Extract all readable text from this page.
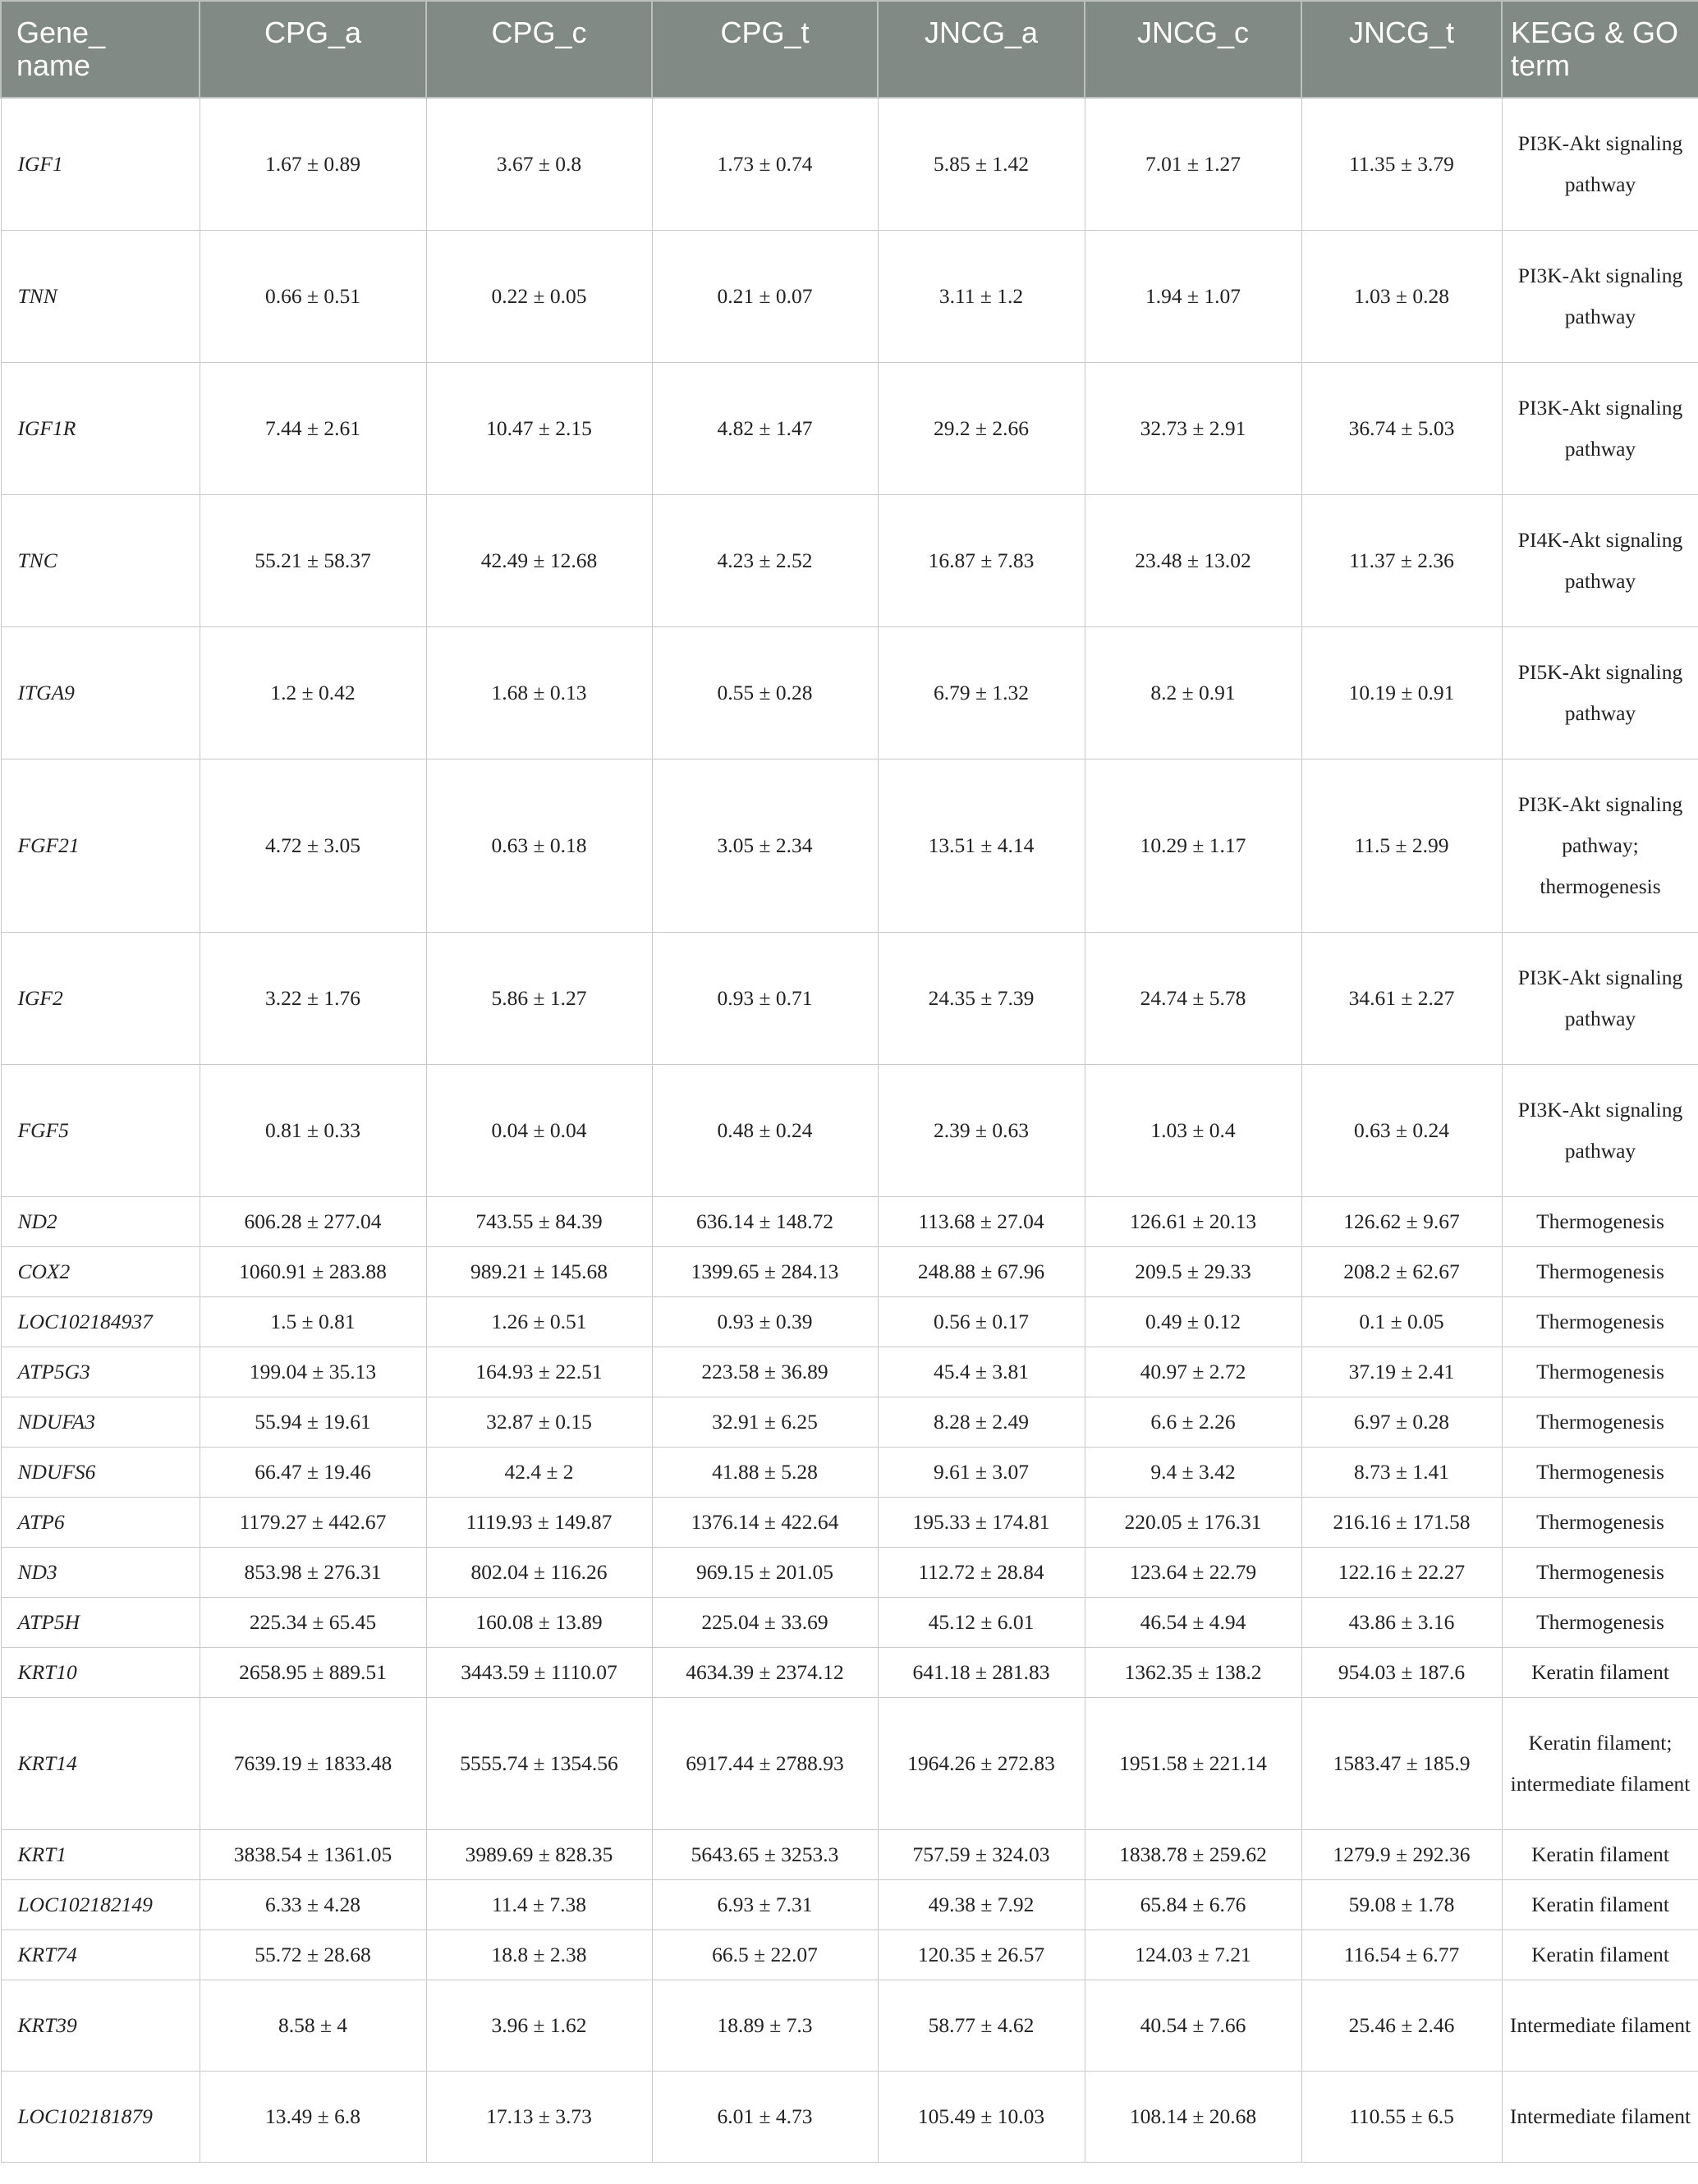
Gene_ name	CPG_a	CPG_c	CPG_t	JNCG_a	JNCG_c	JNCG_t	KEGG & GO term
IGF1	1.67 ± 0.89	3.67 ± 0.8	1.73 ± 0.74	5.85 ± 1.42	7.01 ± 1.27	11.35 ± 3.79	PI3K-Akt signaling pathway
TNN	0.66 ± 0.51	0.22 ± 0.05	0.21 ± 0.07	3.11 ± 1.2	1.94 ± 1.07	1.03 ± 0.28	PI3K-Akt signaling pathway
IGF1R	7.44 ± 2.61	10.47 ± 2.15	4.82 ± 1.47	29.2 ± 2.66	32.73 ± 2.91	36.74 ± 5.03	PI3K-Akt signaling pathway
TNC	55.21 ± 58.37	42.49 ± 12.68	4.23 ± 2.52	16.87 ± 7.83	23.48 ± 13.02	11.37 ± 2.36	PI4K-Akt signaling pathway
ITGA9	1.2 ± 0.42	1.68 ± 0.13	0.55 ± 0.28	6.79 ± 1.32	8.2 ± 0.91	10.19 ± 0.91	PI5K-Akt signaling pathway
FGF21	4.72 ± 3.05	0.63 ± 0.18	3.05 ± 2.34	13.51 ± 4.14	10.29 ± 1.17	11.5 ± 2.99	PI3K-Akt signaling pathway; thermogenesis
IGF2	3.22 ± 1.76	5.86 ± 1.27	0.93 ± 0.71	24.35 ± 7.39	24.74 ± 5.78	34.61 ± 2.27	PI3K-Akt signaling pathway
FGF5	0.81 ± 0.33	0.04 ± 0.04	0.48 ± 0.24	2.39 ± 0.63	1.03 ± 0.4	0.63 ± 0.24	PI3K-Akt signaling pathway
ND2	606.28 ± 277.04	743.55 ± 84.39	636.14 ± 148.72	113.68 ± 27.04	126.61 ± 20.13	126.62 ± 9.67	Thermogenesis
COX2	1060.91 ± 283.88	989.21 ± 145.68	1399.65 ± 284.13	248.88 ± 67.96	209.5 ± 29.33	208.2 ± 62.67	Thermogenesis
LOC102184937	1.5 ± 0.81	1.26 ± 0.51	0.93 ± 0.39	0.56 ± 0.17	0.49 ± 0.12	0.1 ± 0.05	Thermogenesis
ATP5G3	199.04 ± 35.13	164.93 ± 22.51	223.58 ± 36.89	45.4 ± 3.81	40.97 ± 2.72	37.19 ± 2.41	Thermogenesis
NDUFA3	55.94 ± 19.61	32.87 ± 0.15	32.91 ± 6.25	8.28 ± 2.49	6.6 ± 2.26	6.97 ± 0.28	Thermogenesis
NDUFS6	66.47 ± 19.46	42.4 ± 2	41.88 ± 5.28	9.61 ± 3.07	9.4 ± 3.42	8.73 ± 1.41	Thermogenesis
ATP6	1179.27 ± 442.67	1119.93 ± 149.87	1376.14 ± 422.64	195.33 ± 174.81	220.05 ± 176.31	216.16 ± 171.58	Thermogenesis
ND3	853.98 ± 276.31	802.04 ± 116.26	969.15 ± 201.05	112.72 ± 28.84	123.64 ± 22.79	122.16 ± 22.27	Thermogenesis
ATP5H	225.34 ± 65.45	160.08 ± 13.89	225.04 ± 33.69	45.12 ± 6.01	46.54 ± 4.94	43.86 ± 3.16	Thermogenesis
KRT10	2658.95 ± 889.51	3443.59 ± 1110.07	4634.39 ± 2374.12	641.18 ± 281.83	1362.35 ± 138.2	954.03 ± 187.6	Keratin filament
KRT14	7639.19 ± 1833.48	5555.74 ± 1354.56	6917.44 ± 2788.93	1964.26 ± 272.83	1951.58 ± 221.14	1583.47 ± 185.9	Keratin filament; intermediate filament
KRT1	3838.54 ± 1361.05	3989.69 ± 828.35	5643.65 ± 3253.3	757.59 ± 324.03	1838.78 ± 259.62	1279.9 ± 292.36	Keratin filament
LOC102182149	6.33 ± 4.28	11.4 ± 7.38	6.93 ± 7.31	49.38 ± 7.92	65.84 ± 6.76	59.08 ± 1.78	Keratin filament
KRT74	55.72 ± 28.68	18.8 ± 2.38	66.5 ± 22.07	120.35 ± 26.57	124.03 ± 7.21	116.54 ± 6.77	Keratin filament
KRT39	8.58 ± 4	3.96 ± 1.62	18.89 ± 7.3	58.77 ± 4.62	40.54 ± 7.66	25.46 ± 2.46	Intermediate filament
LOC102181879	13.49 ± 6.8	17.13 ± 3.73	6.01 ± 4.73	105.49 ± 10.03	108.14 ± 20.68	110.55 ± 6.5	Intermediate filament
